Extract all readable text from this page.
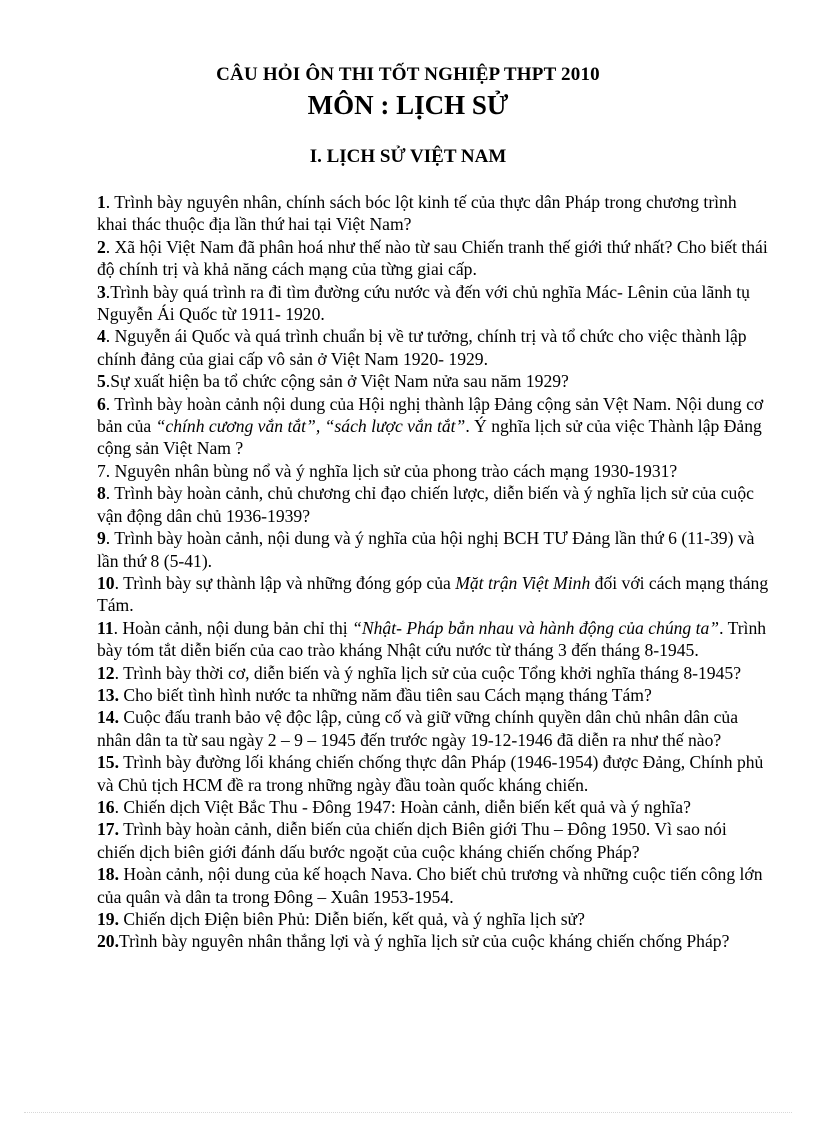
CÂU HỎI ÔN THI TỐT NGHIỆP THPT 2010
MÔN : LỊCH SỬ
I. LỊCH SỬ VIỆT NAM

1. Trình bày nguyên nhân, chính sách bóc lột kinh tế của thực dân Pháp trong chương trình khai thác thuộc địa lần thứ hai tại Việt Nam?

2. Xã hội Việt Nam đã phân hoá như thế nào từ sau Chiến tranh thế giới thứ nhất? Cho biết thái độ chính trị và khả năng cách mạng của từng giai cấp.

3.Trình bày quá trình ra đi tìm đường cứu nước và đến với chủ nghĩa Mác- Lênin của lãnh tụ Nguyễn Ái Quốc từ 1911- 1920.

4. Nguyễn ái Quốc và quá trình chuẩn bị về tư tưởng, chính trị và tổ chức cho việc thành lập chính đảng của giai cấp vô sản ở Việt Nam 1920- 1929.

5.Sự xuất hiện ba tổ chức cộng sản ở Việt Nam nửa sau năm 1929?

6. Trình bày hoàn cảnh nội dung của Hội nghị thành lập Đảng cộng sản Vệt Nam. Nội dung cơ bản của “chính cương vắn tắt”, “sách lược vắn tắt”. Ý nghĩa lịch sử của việc Thành lập Đảng cộng sản Việt Nam ?

7. Nguyên nhân bùng nổ và ý nghĩa lịch sử của phong trào cách mạng 1930-1931?

8. Trình bày hoàn cảnh, chủ chương chỉ đạo chiến lược, diễn biến và ý nghĩa lịch sử của cuộc vận động dân chủ 1936-1939?

9. Trình bày hoàn cảnh, nội dung và ý nghĩa của hội nghị BCH TƯ Đảng lần thứ 6 (11-39) và lần thứ 8 (5-41).

10. Trình bày sự thành lập và những đóng góp của Mặt trận Việt Minh đối với cách mạng tháng Tám.

11. Hoàn cảnh, nội dung bản chỉ thị “Nhật- Pháp bắn nhau và hành động của chúng ta”. Trình bày tóm tắt diễn biến của cao trào kháng Nhật cứu nước từ tháng 3 đến tháng 8-1945.

12. Trình bày thời cơ, diễn biến và ý nghĩa lịch sử của cuộc Tổng khởi nghĩa tháng 8-1945?

13. Cho biết tình hình nước ta những năm đầu tiên sau Cách mạng tháng Tám?

14. Cuộc đấu tranh bảo vệ độc lập, củng cố và giữ vững chính quyền dân chủ nhân dân của nhân dân ta từ sau ngày 2 – 9 – 1945 đến trước ngày 19-12-1946 đã diễn ra như thế nào?

15. Trình bày đường lối kháng chiến chống thực dân Pháp (1946-1954) được Đảng, Chính phủ và Chủ tịch HCM đề ra trong những ngày đầu toàn quốc kháng chiến.

16. Chiến dịch Việt Bắc Thu - Đông 1947: Hoàn cảnh, diễn biến kết quả và ý nghĩa?

17. Trình bày hoàn cảnh, diễn biến của chiến dịch Biên giới Thu – Đông 1950. Vì sao nói chiến dịch biên giới đánh dấu bước ngoặt của cuộc kháng chiến chống Pháp?

18. Hoàn cảnh, nội dung của kế hoạch Nava. Cho biết chủ trương và những cuộc tiến công lớn của quân và dân ta trong Đông – Xuân 1953-1954.

19. Chiến dịch Điện biên Phủ: Diễn biến, kết quả, và ý nghĩa lịch sử?

20.Trình bày nguyên nhân thắng lợi và ý nghĩa lịch sử của cuộc kháng chiến chống Pháp?
